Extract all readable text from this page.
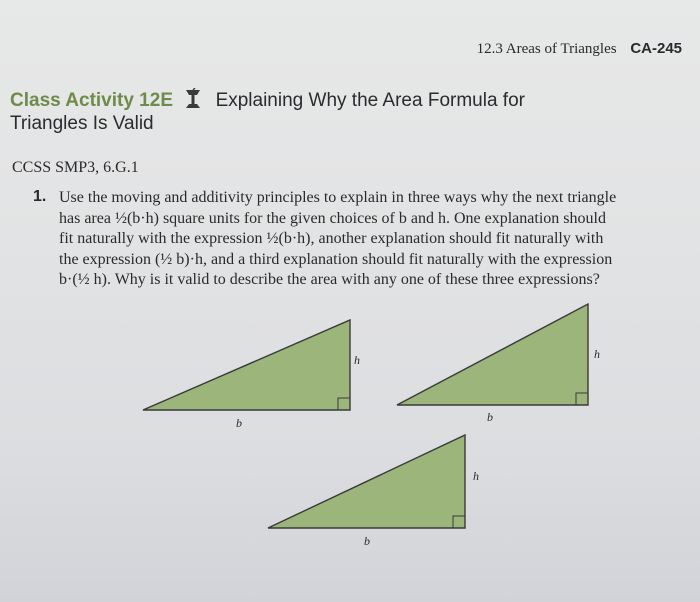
12.3 Areas of Triangles CA-245
Class Activity 12E Explaining Why the Area Formula for
Triangles Is Valid
CCSS SMP3, 6.G.1
1. Use the moving and additivity principles to explain in three ways why the next triangle
has area ½(b·h) square units for the given choices of b and h. One explanation should
fit naturally with the expression ½(b·h), another explanation should fit naturally with
the expression (½ b)·h, and a third explanation should fit naturally with the expression
b·(½ h). Why is it valid to describe the area with any one of these three expressions?
b
h
b
h
b
h
